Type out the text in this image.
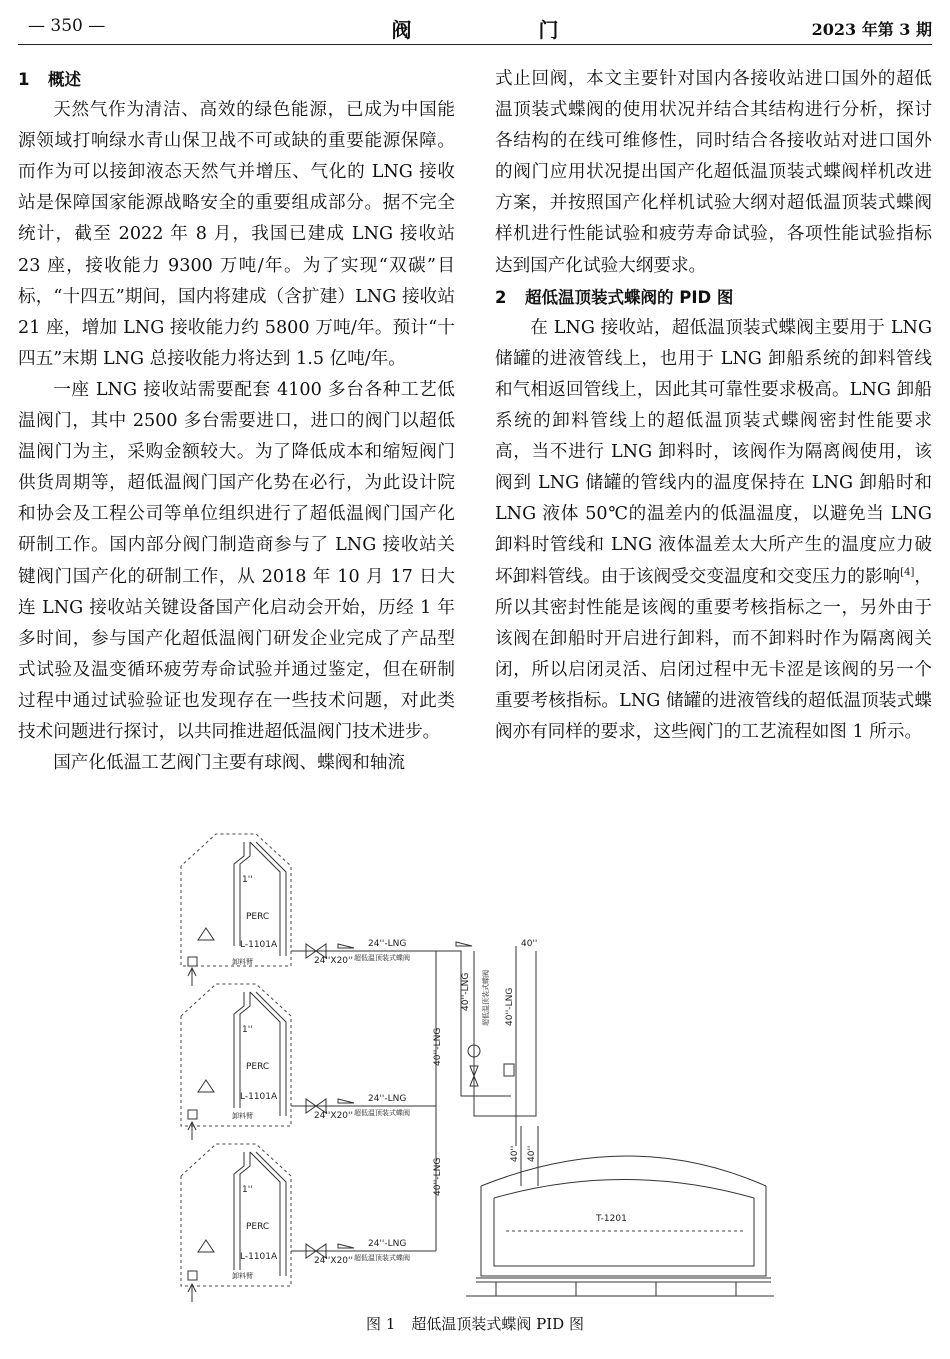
— 350 —	阀 门	2023 年第 3 期
1 概述

天然气作为清洁、高效的绿色能源，已成为中国能源领域打响绿水青山保卫战不可或缺的重要能源保障。而作为可以接卸液态天然气并增压、气化的 LNG 接收站是保障国家能源战略安全的重要组成部分。据不完全统计，截至 2022 年 8 月，我国已建成 LNG 接收站 23 座，接收能力 9300 万吨/年。为了实现“双碳”目标，“十四五”期间，国内将建成（含扩建）LNG 接收站 21 座，增加 LNG 接收能力约 5800 万吨/年。预计“十四五”末期 LNG 总接收能力将达到 1.5 亿吨/年。

一座 LNG 接收站需要配套 4100 多台各种工艺低温阀门，其中 2500 多台需要进口，进口的阀门以超低温阀门为主，采购金额较大。为了降低成本和缩短阀门供货周期等，超低温阀门国产化势在必行，为此设计院和协会及工程公司等单位组织进行了超低温阀门国产化研制工作。国内部分阀门制造商参与了 LNG 接收站关键阀门国产化的研制工作，从 2018 年 10 月 17 日大连 LNG 接收站关键设备国产化启动会开始，历经 1 年多时间，参与国产化超低温阀门研发企业完成了产品型式试验及温变循环疲劳寿命试验并通过鉴定，但在研制过程中通过试验验证也发现存在一些技术问题，对此类技术问题进行探讨，以共同推进超低温阀门技术进步。

国产化低温工艺阀门主要有球阀、蝶阀和轴流

式止回阀，本文主要针对国内各接收站进口国外的超低温顶装式蝶阀的使用状况并结合其结构进行分析，探讨各结构的在线可维修性，同时结合各接收站对进口国外的阀门应用状况提出国产化超低温顶装式蝶阀样机改进方案，并按照国产化样机试验大纲对超低温顶装式蝶阀样机进行性能试验和疲劳寿命试验，各项性能试验指标达到国产化试验大纲要求。

2 超低温顶装式蝶阀的 PID 图

在 LNG 接收站，超低温顶装式蝶阀主要用于 LNG 储罐的进液管线上，也用于 LNG 卸船系统的卸料管线和气相返回管线上，因此其可靠性要求极高。LNG 卸船系统的卸料管线上的超低温顶装式蝶阀密封性能要求高，当不进行 LNG 卸料时，该阀作为隔离阀使用，该阀到 LNG 储罐的管线内的温度保持在 LNG 卸船时和 LNG 液体 50℃的温差内的低温温度，以避免当 LNG 卸料时管线和 LNG 液体温差太大所产生的温度应力破坏卸料管线。由于该阀受交变温度和交变压力的影响[4]，所以其密封性能是该阀的重要考核指标之一，另外由于该阀在卸船时开启进行卸料，而不卸料时作为隔离阀关闭，所以启闭灵活、启闭过程中无卡涩是该阀的另一个重要考核指标。LNG 储罐的进液管线的超低温顶装式蝶阀亦有同样的要求，这些阀门的工艺流程如图 1 所示。

1''
PERC
L-1101A
卸料臂	24''X20''
24''-LNG
超低温顶装式蝶阀
1''
PERC
L-1101A
卸料臂	24''X20''
24''-LNG
超低温顶装式蝶阀
1''
PERC
L-1101A
卸料臂
24''X20''
24''-LNG
超低温顶装式蝶阀
40''-LNG
40''-LNG
40''-LNG 超低温顶装式蝶阀 40''-LNG
40''
40'' 40''
T-1201
图 1 超低温顶装式蝶阀 PID 图
